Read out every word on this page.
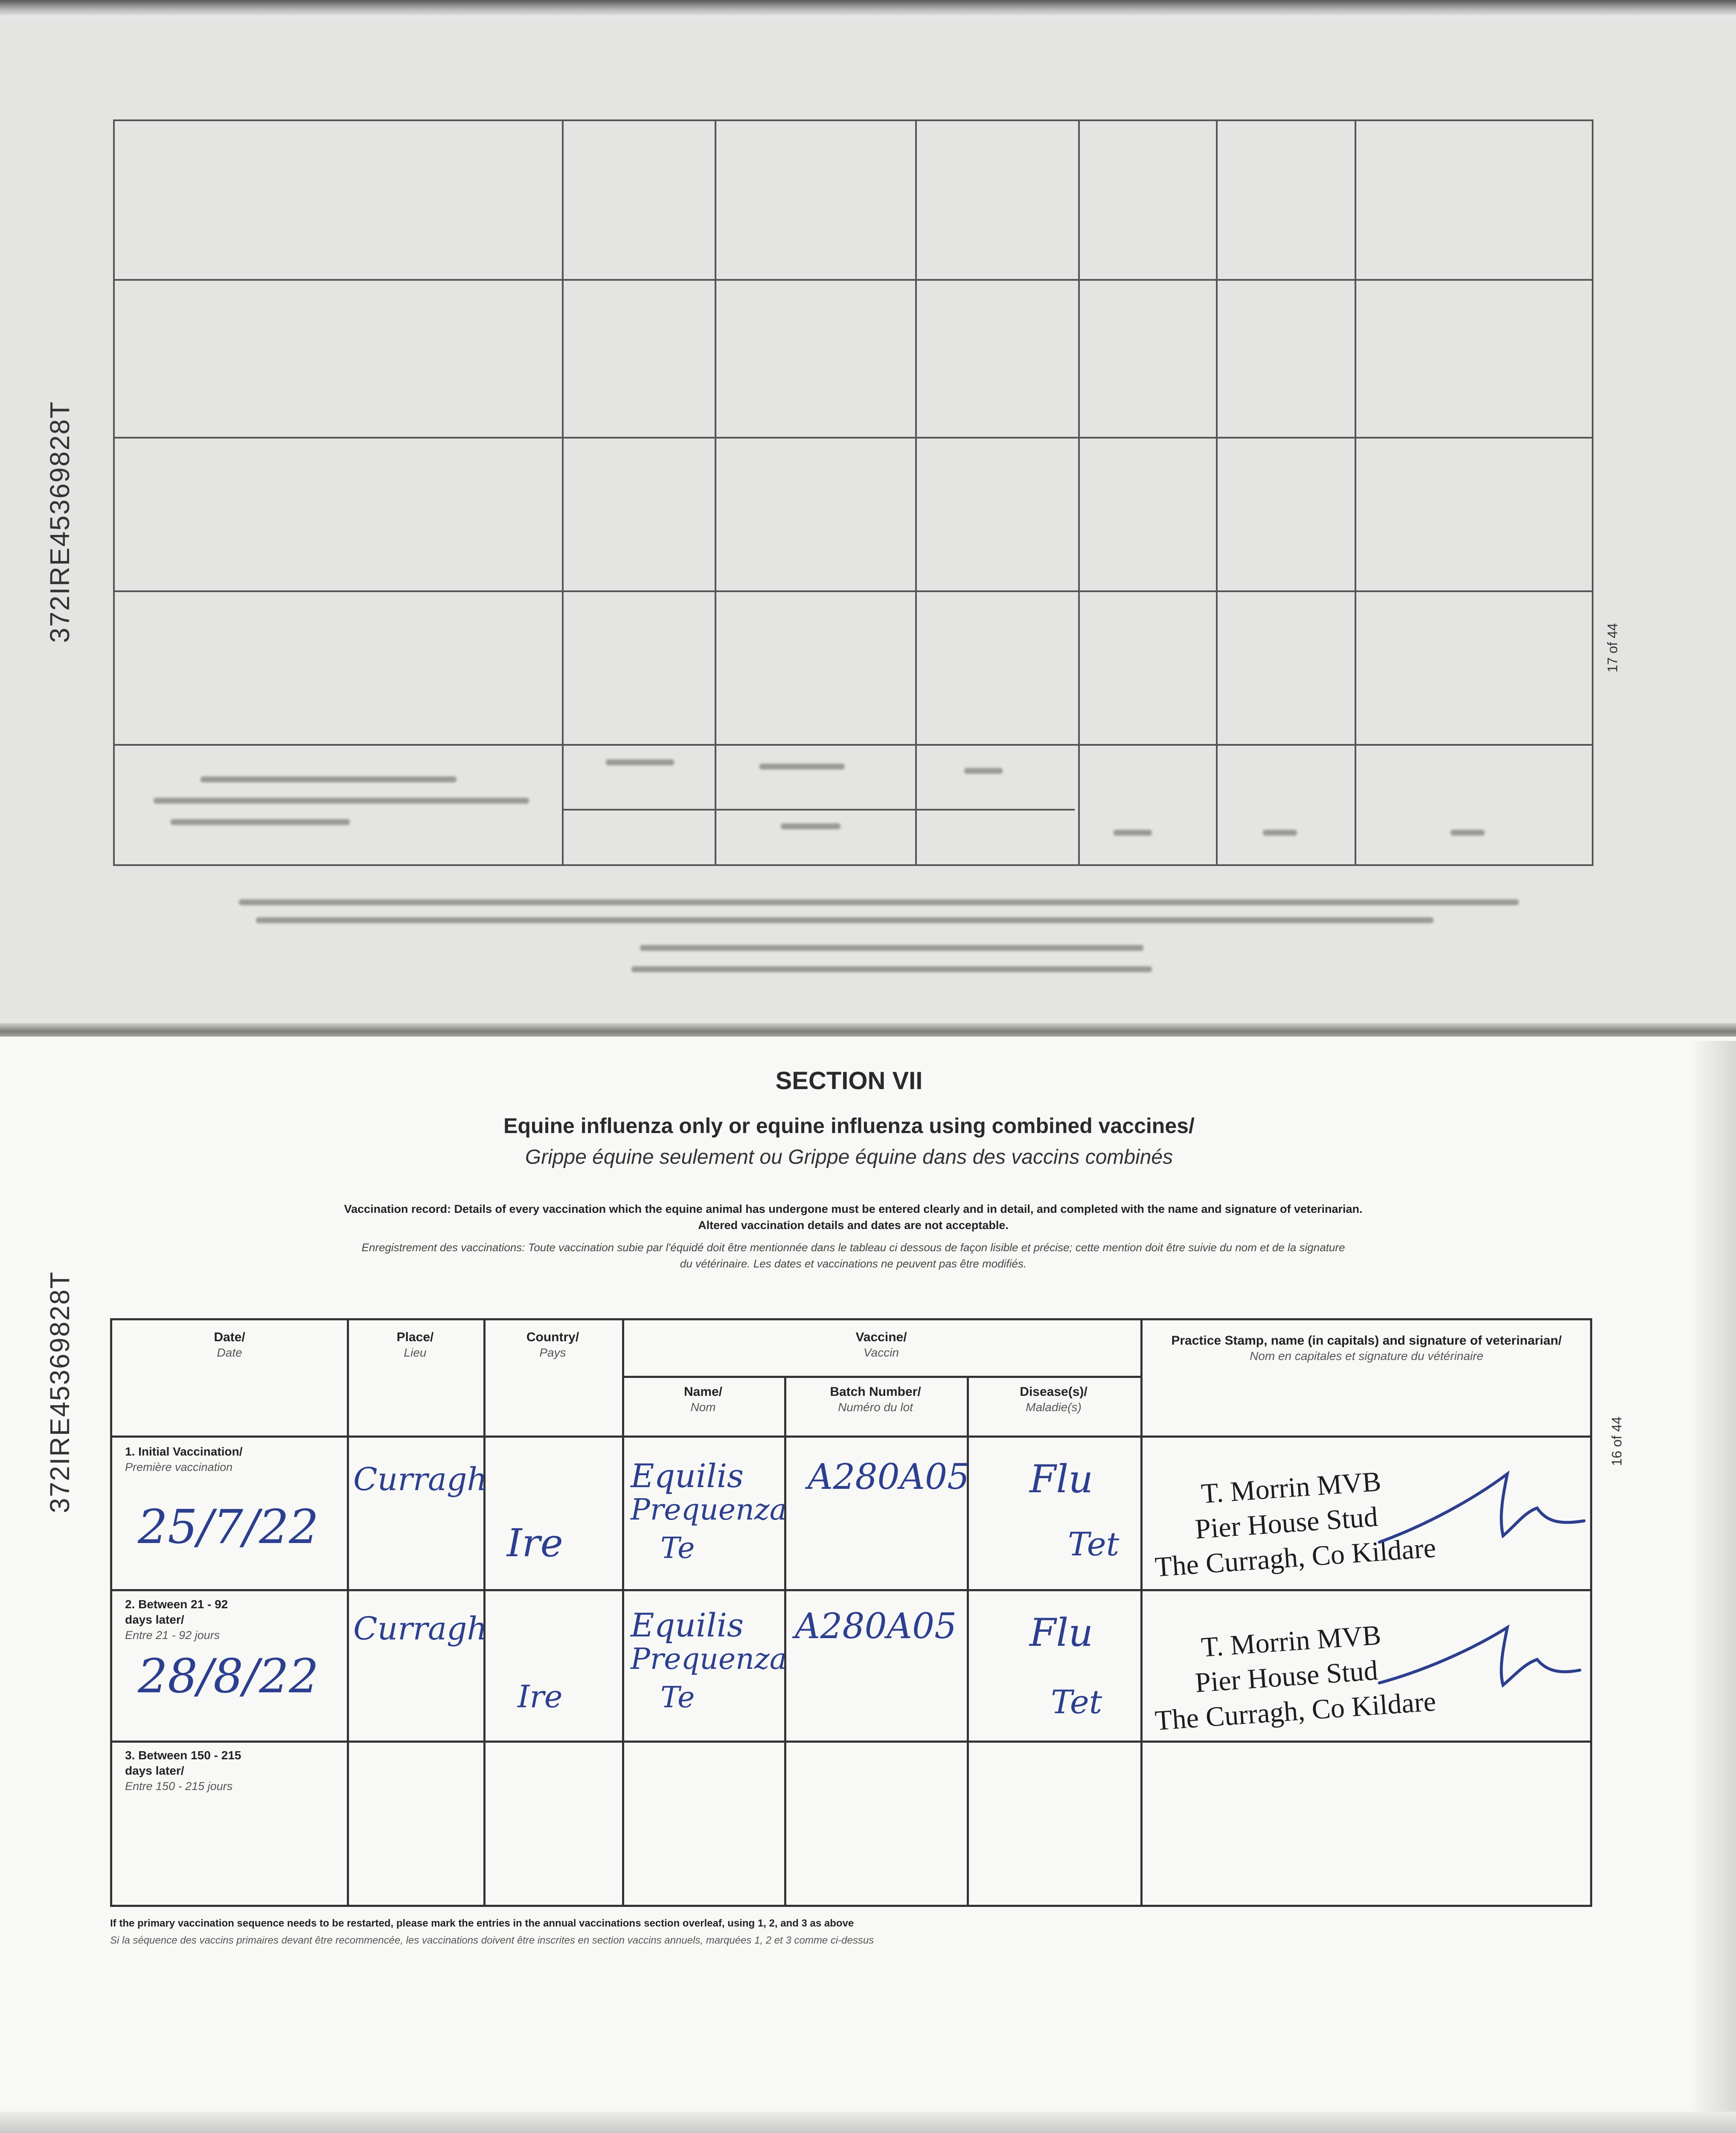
372IRE45369828T
17 of 44
372IRE45369828T	16 of 44
SECTION VII
Equine influenza only or equine influenza using combined vaccines/
Grippe équine seulement ou Grippe équine dans des vaccins combinés
Vaccination record: Details of every vaccination which the equine animal has undergone must be entered clearly and in detail, and completed with the name and signature of veterinarian.
Altered vaccination details and dates are not acceptable.
Enregistrement des vaccinations: Toute vaccination subie par l'équidé doit être mentionnée dans le tableau ci dessous de façon lisible et précise; cette mention doit être suivie du nom et de la signature
du vétérinaire. Les dates et vaccinations ne peuvent pas être modifiés.
Date/
Date
Place/
Lieu
Country/
Pays
Vaccine/
Vaccin
Name/
Nom
Batch Number/
Numéro du lot
Disease(s)/
Maladie(s)
Practice Stamp, name (in capitals) and signature of veterinarian/
Nom en capitales et signature du vétérinaire
1. Initial Vaccination/
Première vaccination
2. Between 21 - 92
days later/
Entre 21 - 92 jours
3. Between 150 - 215
days later/
Entre 150 - 215 jours
25/7/22
Curragh
Ire
Equilis
Prequenza
Te
A280A05 Flu
Tet
T. Morrin MVB
Pier House Stud
The Curragh, Co Kildare
28/8/22
Curragh
Ire
Equilis
Prequenza
Te
A280A05 Flu
Tet
T. Morrin MVB
Pier House Stud
The Curragh, Co Kildare
If the primary vaccination sequence needs to be restarted, please mark the entries in the annual vaccinations section overleaf, using 1, 2, and 3 as above
Si la séquence des vaccins primaires devant être recommencée, les vaccinations doivent être inscrites en section vaccins annuels, marquées 1, 2 et 3 comme ci-dessus
